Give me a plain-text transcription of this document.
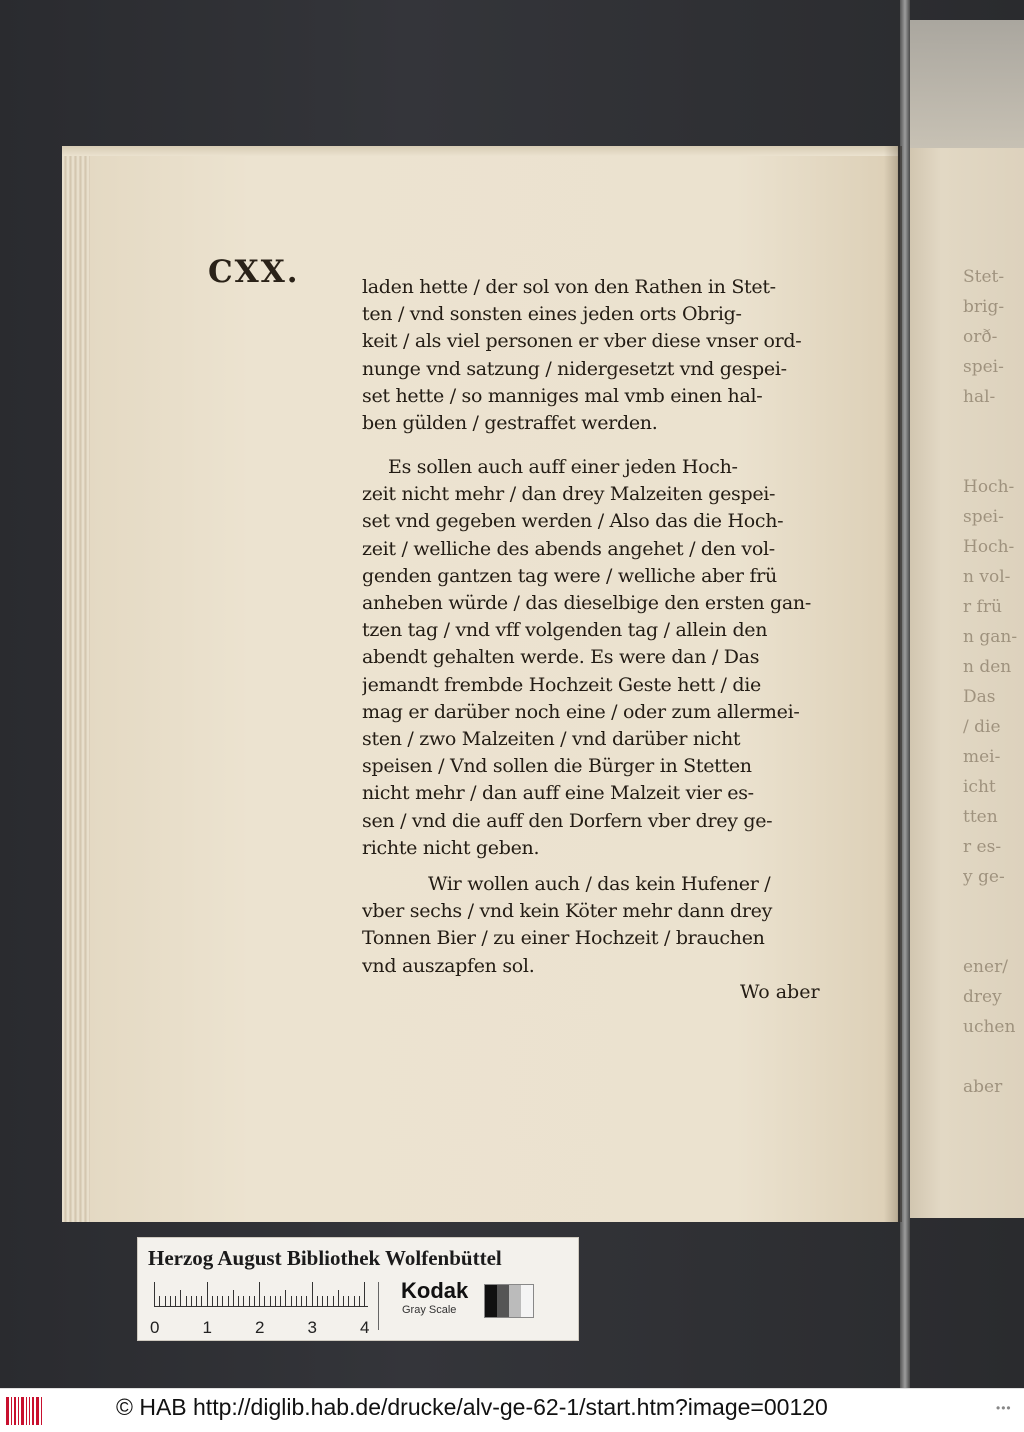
Stet-
brig-
orð-
spei-
hal-

Hoch-
spei-
Hoch-
n vol-
r frü
n gan-
n den
Das
/ die
mei-
icht
tten
r es-
y ge-

ener/
drey
uchen

aber
CXX.	laden hette / der sol von den Rathen in Stet-
ten / vnd sonsten eines jeden orts Obrig-
keit / als viel personen er vber diese vnser ord-
nunge vnd satzung / nidergesetzt vnd gespei-
set hette / so manniges mal vmb einen hal-
ben gülden / gestraffet werden.
Es sollen auch auff einer jeden Hoch-
zeit nicht mehr / dan drey Malzeiten gespei-
set vnd gegeben werden / Also das die Hoch-
zeit / welliche des abends angehet / den vol-
genden gantzen tag were / welliche aber frü
anheben würde / das dieselbige den ersten gan-
tzen tag / vnd vff volgenden tag / allein den
abendt gehalten werde. Es were dan / Das
jemandt frembde Hochzeit Geste hett / die
mag er darüber noch eine / oder zum allermei-
sten / zwo Malzeiten / vnd darüber nicht
speisen / Vnd sollen die Bürger in Stetten
nicht mehr / dan auff eine Malzeit vier es-
sen / vnd die auff den Dorfern vber drey ge-
richte nicht geben.
Wir wollen auch / das kein Hufener /
vber sechs / vnd kein Köter mehr dann drey
Tonnen Bier / zu einer Hochzeit / brauchen
vnd auszapfen sol.
Wo aber
Herzog August Bibliothek Wolfenbüttel
0	1	2	3	4
Kodak
Gray Scale
© HAB http://diglib.hab.de/drucke/alv-ge-62-1/start.htm?image=00120	•••
